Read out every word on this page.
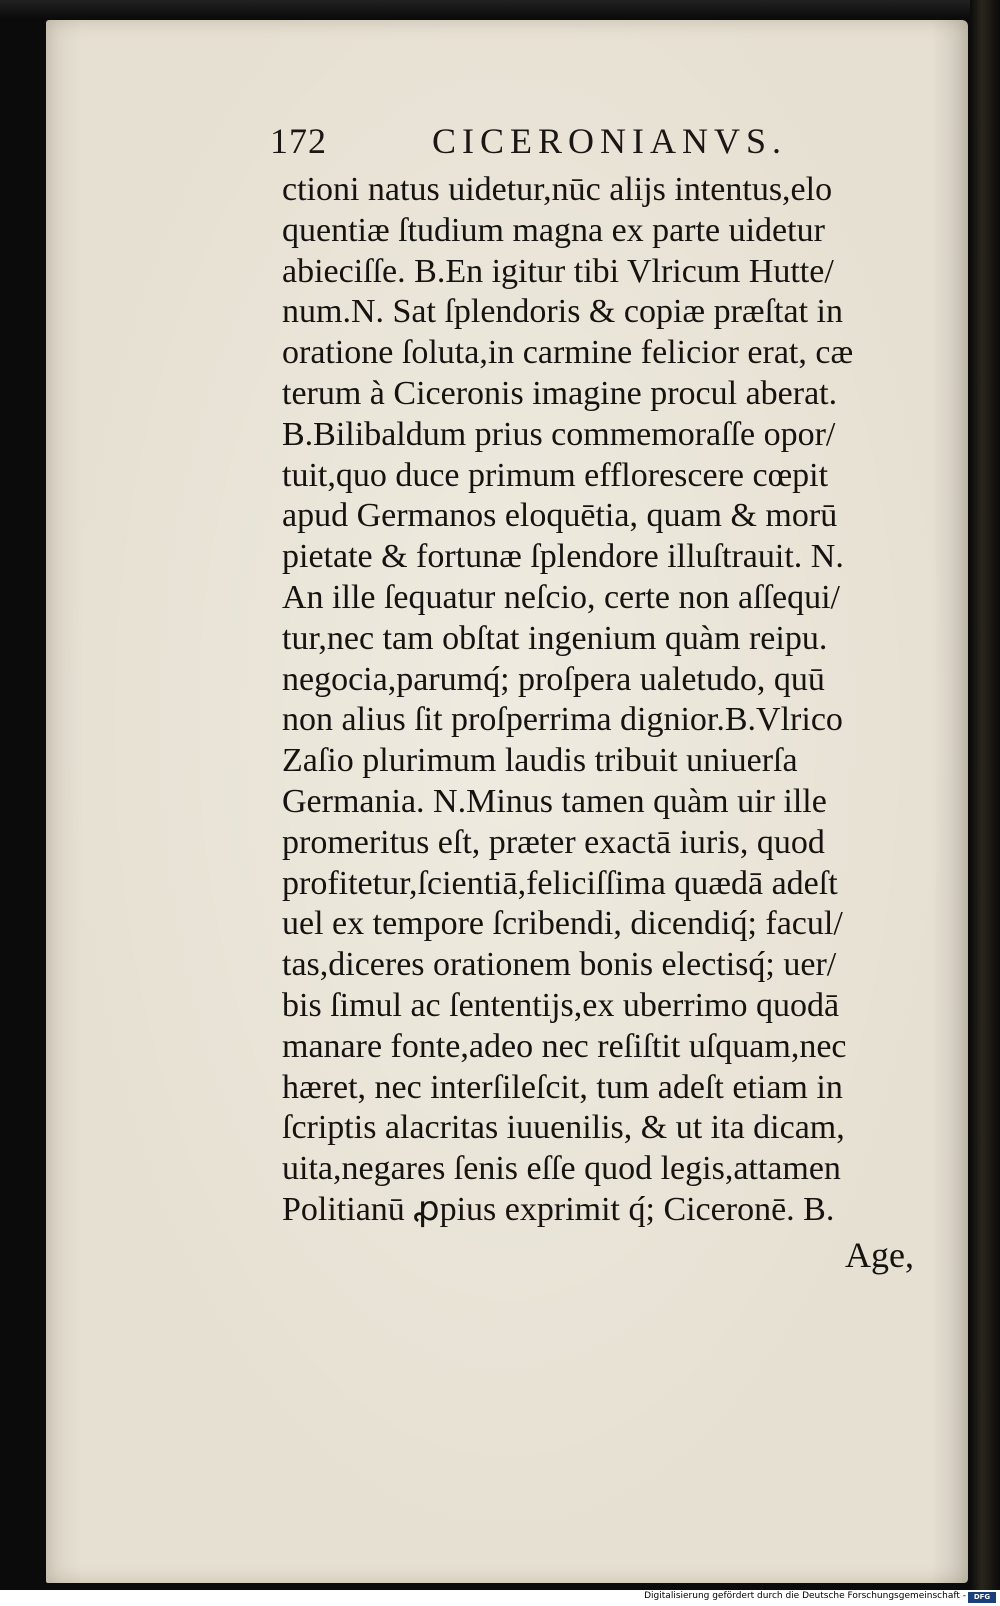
172	CICERONIANVS.
ctioni natus uidetur,nūc alijs intentus,elo
quentiæ ſtudium magna ex parte uidetur
abieciſſe. B.En igitur tibi Vlricum Hutte/
num.N. Sat ſplendoris & copiæ præſtat in
oratione ſoluta,in carmine felicior erat, cæ
terum à Ciceronis imagine procul aberat.
B.Bilibaldum prius commemoraſſe opor/
tuit,quo duce primum efflorescere cœpit
apud Germanos eloquētia, quam & morū
pietate & fortunæ ſplendore illuſtrauit. N.
An ille ſequatur neſcio, certe non aſſequi/
tur,nec tam obſtat ingenium quàm reipu.
negocia,parumq́; proſpera ualetudo, quū
non alius ſit proſperrima dignior.B.Vlrico
Zaſio plurimum laudis tribuit uniuerſa
Germania. N.Minus tamen quàm uir ille
promeritus eſt, præter exactā iuris, quod
profitetur,ſcientiā,feliciſſima quædā adeſt
uel ex tempore ſcribendi, dicendiq́; facul/
tas,diceres orationem bonis electisq́; uer/
bis ſimul ac ſententijs,ex uberrimo quodā
manare fonte,adeo nec reſiſtit uſquam,nec
hæret, nec interſileſcit, tum adeſt etiam in
ſcriptis alacritas iuuenilis, & ut ita dicam,
uita,negares ſenis eſſe quod legis,attamen
Politianū ꝓpius exprimit q́; Ciceronē. B.
Age,
Digitalisierung gefördert durch die Deutsche Forschungsgemeinschaft -	DFG
